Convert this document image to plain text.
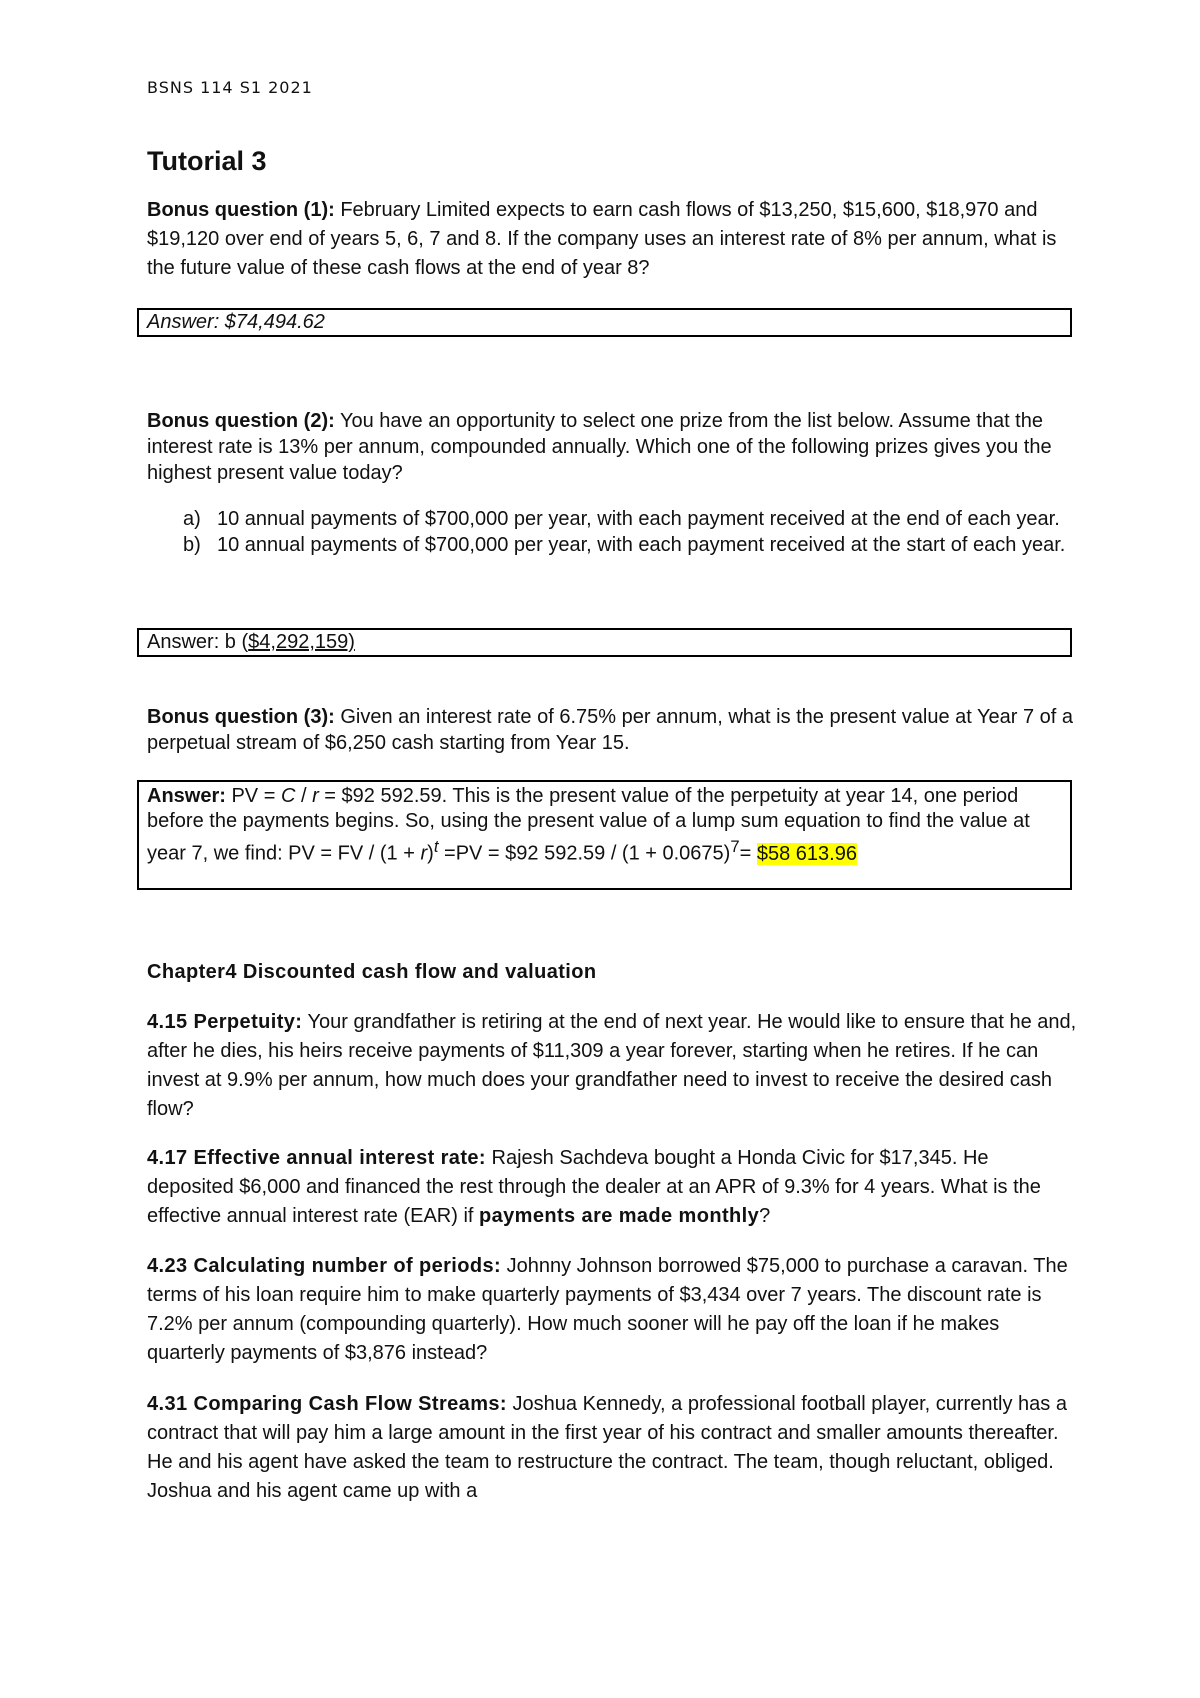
BSNS 114 S1 2021
Tutorial 3
Bonus question (1): February Limited expects to earn cash flows of $13,250, $15,600, $18,970 and $19,120 over end of years 5, 6, 7 and 8. If the company uses an interest rate of 8% per annum, what is the future value of these cash flows at the end of year 8?
Answer: $74,494.62
Bonus question (2): You have an opportunity to select one prize from the list below. Assume that the interest rate is 13% per annum, compounded annually. Which one of the following prizes gives you the highest present value today?
a) 10 annual payments of $700,000 per year, with each payment received at the end of each year.
b) 10 annual payments of $700,000 per year, with each payment received at the start of each year.
Answer: b ($4,292,159)
Bonus question (3): Given an interest rate of 6.75% per annum, what is the present value at Year 7 of a perpetual stream of $6,250 cash starting from Year 15.
Answer: PV = C / r = $92 592.59. This is the present value of the perpetuity at year 14, one period before the payments begins. So, using the present value of a lump sum equation to find the value at year 7, we find: PV = FV / $(1 + r)^t =PV$ = $92 $592.59 / (1 + 0.0675)^7=$ $58 613.96
Chapter4 Discounted cash flow and valuation
4.15 Perpetuity: Your grandfather is retiring at the end of next year. He would like to ensure that he and, after he dies, his heirs receive payments of $11,309 a year forever, starting when he retires. If he can invest at 9.9% per annum, how much does your grandfather need to invest to receive the desired cash flow?
4.17 Effective annual interest rate: Rajesh Sachdeva bought a Honda Civic for $17,345. He deposited $6,000 and financed the rest through the dealer at an APR of 9.3% for 4 years. What is the effective annual interest rate (EAR) if payments are made monthly?
4.23 Calculating number of periods: Johnny Johnson borrowed $75,000 to purchase a caravan. The terms of his loan require him to make quarterly payments of $3,434 over 7 years. The discount rate is 7.2% per annum (compounding quarterly). How much sooner will he pay off the loan if he makes quarterly payments of $3,876 instead?
4.31 Comparing Cash Flow Streams: Joshua Kennedy, a professional football player, currently has a contract that will pay him a large amount in the first year of his contract and smaller amounts thereafter. He and his agent have asked the team to restructure the contract. The team, though reluctant, obliged. Joshua and his agent came up with a
